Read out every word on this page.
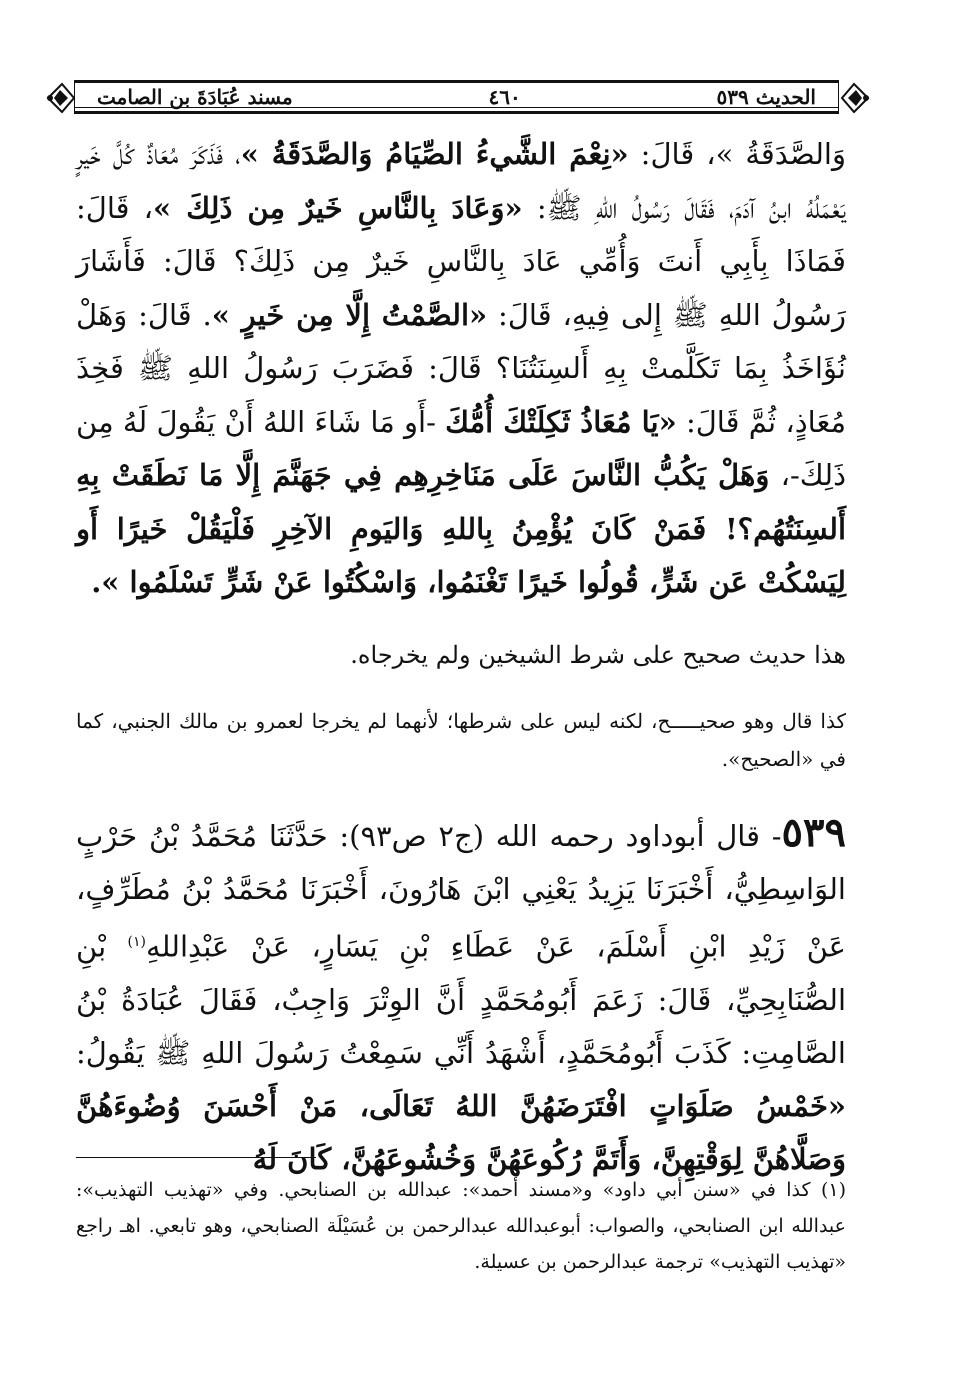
الحديث ٥٣٩
٤٦٠
مسند عُبَادَةَ بن الصامت
وَالصَّدَقَةُ »، قَالَ: «نِعْمَ الشَّيءُ الصِّيَامُ وَالصَّدَقَةُ »، فَذَكَرَ مُعَاذٌ كُلَّ خَيرٍ يَعْمَلُهُ ابنُ آدَمَ، فَقَالَ رَسُولُ اللهِ ﷺ: «وَعَادَ بِالنَّاسِ خَيرٌ مِن ذَلِكَ »، قَالَ: فَمَاذَا بِأَبِي أَنتَ وَأُمِّي عَادَ بِالنَّاسِ خَيرٌ مِن ذَلِكَ؟ قَالَ: فَأَشَارَ رَسُولُ اللهِ ﷺ إِلى فِيهِ، قَالَ: «الصَّمْتُ إِلَّا مِن خَيرٍ ». قَالَ: وَهَلْ نُؤَاخَذُ بِمَا تَكَلَّمتْ بِهِ أَلسِنَتُنَا؟ قَالَ: فَضَرَبَ رَسُولُ اللهِ ﷺ فَخِذَ مُعَاذٍ، ثُمَّ قَالَ: «يَا مُعَاذُ ثَكِلَتْكَ أُمُّكَ -أَو مَا شَاءَ اللهُ أَنْ يَقُولَ لَهُ مِن ذَلِكَ-، وَهَلْ يَكُبُّ النَّاسَ عَلَى مَنَاخِرِهِم فِي جَهَنَّمَ إِلَّا مَا نَطَقَتْ بِهِ أَلسِنَتُهُم؟! فَمَنْ كَانَ يُؤْمِنُ بِاللهِ وَاليَومِ الآخِرِ فَلْيَقُلْ خَيرًا أَو لِيَسْكُتْ عَن شَرٍّ، قُولُوا خَيرًا تَغْنَمُوا، وَاسْكُتُوا عَنْ شَرٍّ تَسْلَمُوا ».
هذا حديث صحيح على شرط الشيخين ولم يخرجاه.
كذا قال وهو صحيـــــح، لكنه ليس على شرطها؛ لأنهما لم يخرجا لعمرو بن مالك الجنبي، كما في «الصحيح».
٥٣٩- قال أبوداود رحمه الله (ج٢ ص٩٣): حَدَّثَنَا مُحَمَّدُ بْنُ حَرْبٍ الوَاسِطِيُّ، أَخْبَرَنَا يَزِيدُ يَعْنِي ابْنَ هَارُونَ، أَخْبَرَنَا مُحَمَّدُ بْنُ مُطَرِّفٍ، عَنْ زَيْدِ ابْنِ أَسْلَمَ، عَنْ عَطَاءِ بْنِ يَسَارٍ، عَنْ عَبْدِاللهِ$^{(١)}$ بْنِ الصُّنَابِحِيِّ، قَالَ: زَعَمَ أَبُومُحَمَّدٍ أَنَّ الوِتْرَ وَاجِبٌ، فَقَالَ عُبَادَةُ بْنُ الصَّامِتِ: كَذَبَ أَبُومُحَمَّدٍ، أَشْهَدُ أَنِّي سَمِعْتُ رَسُولَ اللهِ ﷺ يَقُولُ: «خَمْسُ صَلَوَاتٍ افْتَرَضَهُنَّ اللهُ تَعَالَى، مَنْ أَحْسَنَ وُضُوءَهُنَّ وَصَلَّاهُنَّ لِوَقْتِهِنَّ، وَأَتَمَّ رُكُوعَهُنَّ وَخُشُوعَهُنَّ، كَانَ لَهُ
(١) كذا في «سنن أبي داود» و«مسند أحمد»: عبدالله بن الصنابحي. وفي «تهذيب التهذيب»: عبدالله ابن الصنابحي، والصواب: أبوعبدالله عبدالرحمن بن عُسَيْلَة الصنابحي، وهو تابعي. اهـ راجع «تهذيب التهذيب» ترجمة عبدالرحمن بن عسيلة.
